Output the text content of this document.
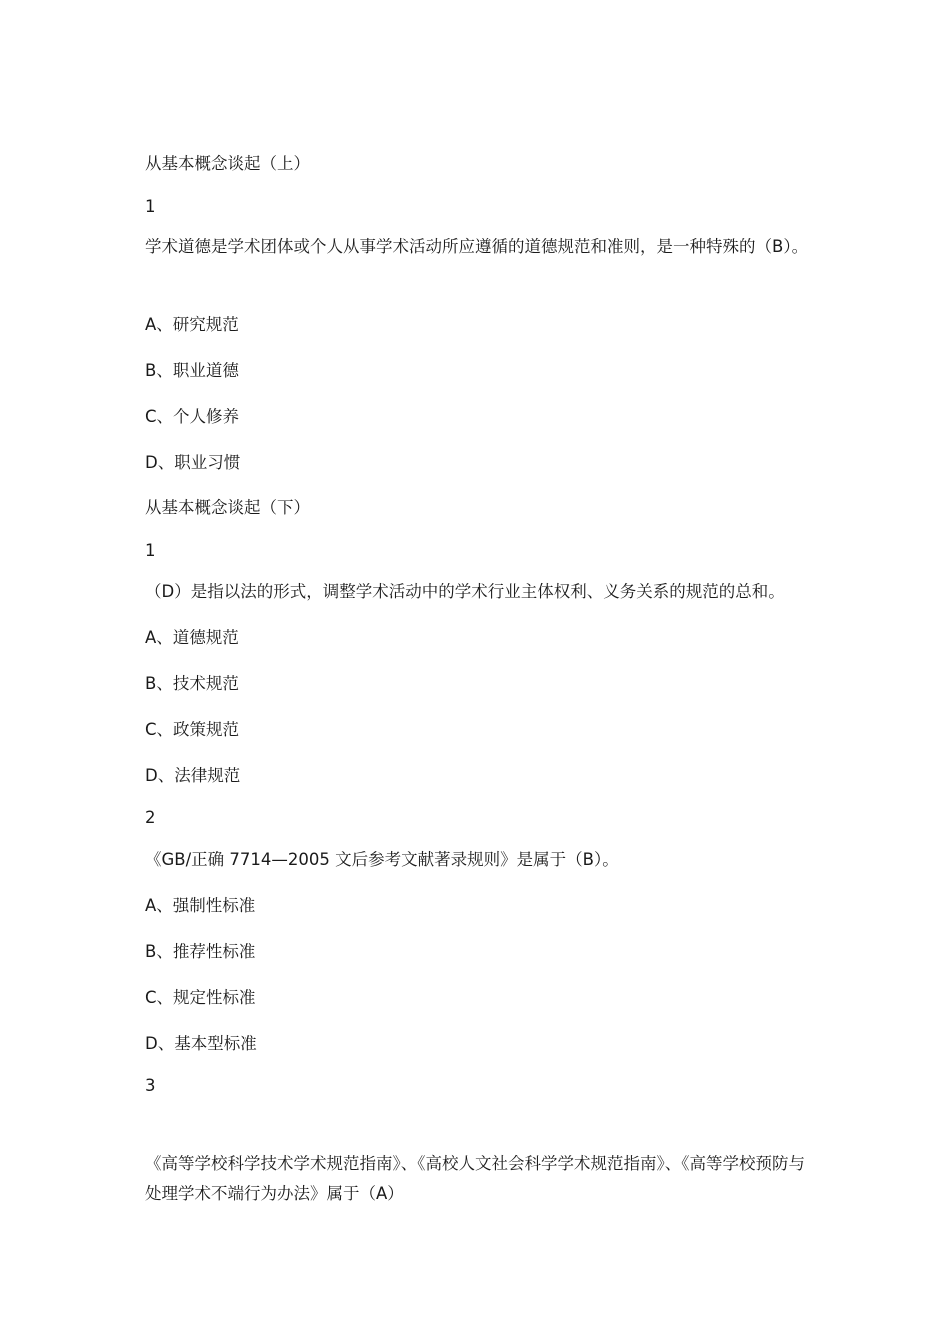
从基本概念谈起（上）

1

学术道德是学术团体或个人从事学术活动所应遵循的道德规范和准则，是一种特殊的（B）。

A、研究规范

B、职业道德

C、个人修养

D、职业习惯

从基本概念谈起（下）

1

（D）是指以法的形式，调整学术活动中的学术行业主体权利、义务关系的规范的总和。

A、道德规范

B、技术规范

C、政策规范

D、法律规范

2

《GB/正确 7714—2005 文后参考文献著录规则》是属于（B）。

A、强制性标准

B、推荐性标准

C、规定性标准

D、基本型标准

3

《高等学校科学技术学术规范指南》、《高校人文社会科学学术规范指南》、《高等学校预防与处理学术不端行为办法》属于（A）
